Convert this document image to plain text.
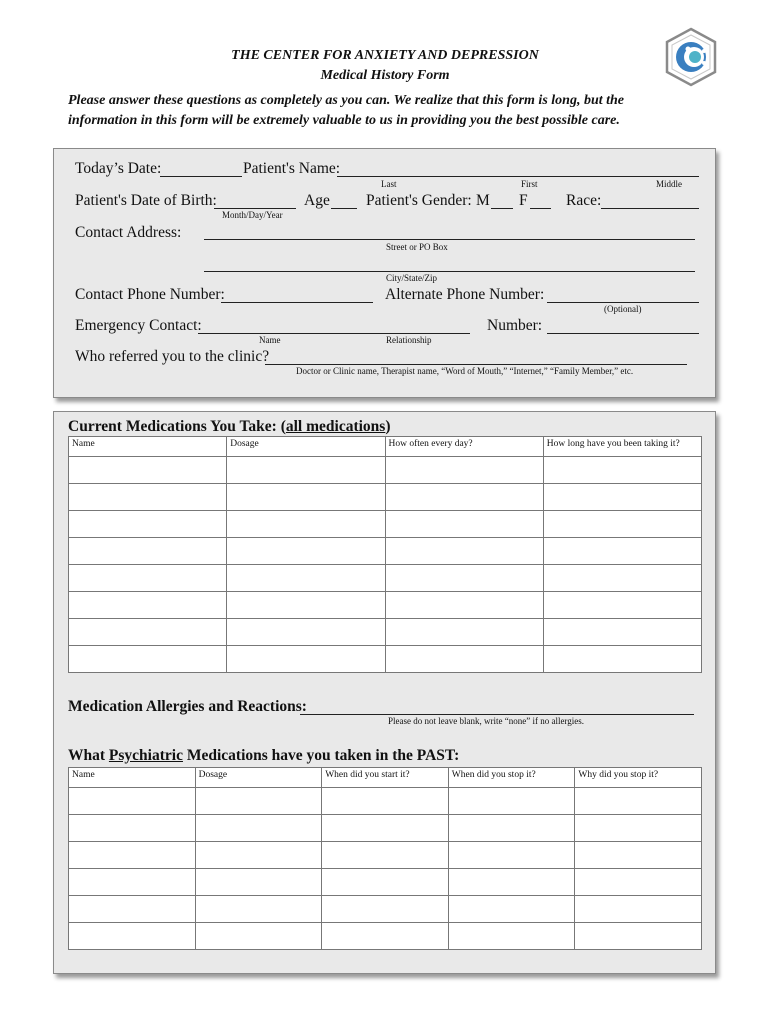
THE CENTER FOR ANXIETY AND DEPRESSION
Medical History Form
Please answer these questions as completely as you can. We realize that this form is long, but the
information in this form will be extremely valuable to us in providing you the best possible care.
Today’s Date:	Patient's Name:
Last	First	Middle
Patient's Date of Birth:
Month/Day/Year
Age Patient's Gender: M F Race:
Contact Address:
Street or PO Box
City/State/Zip
Contact Phone Number:	Alternate Phone Number:
(Optional)
Emergency Contact:
Name	Relationship
Number:
Who referred you to the clinic?
Doctor or Clinic name, Therapist name, “Word of Mouth,” “Internet,” “Family Member,” etc.
Current Medications You Take: (all medications)
Name	Dosage	How often every day?	How long have you been taking it?

Medication Allergies and Reactions:
Please do not leave blank, write “none” if no allergies.
What Psychiatric Medications have you taken in the PAST:
Name	Dosage	When did you start it?	When did you stop it?	Why did you stop it?
